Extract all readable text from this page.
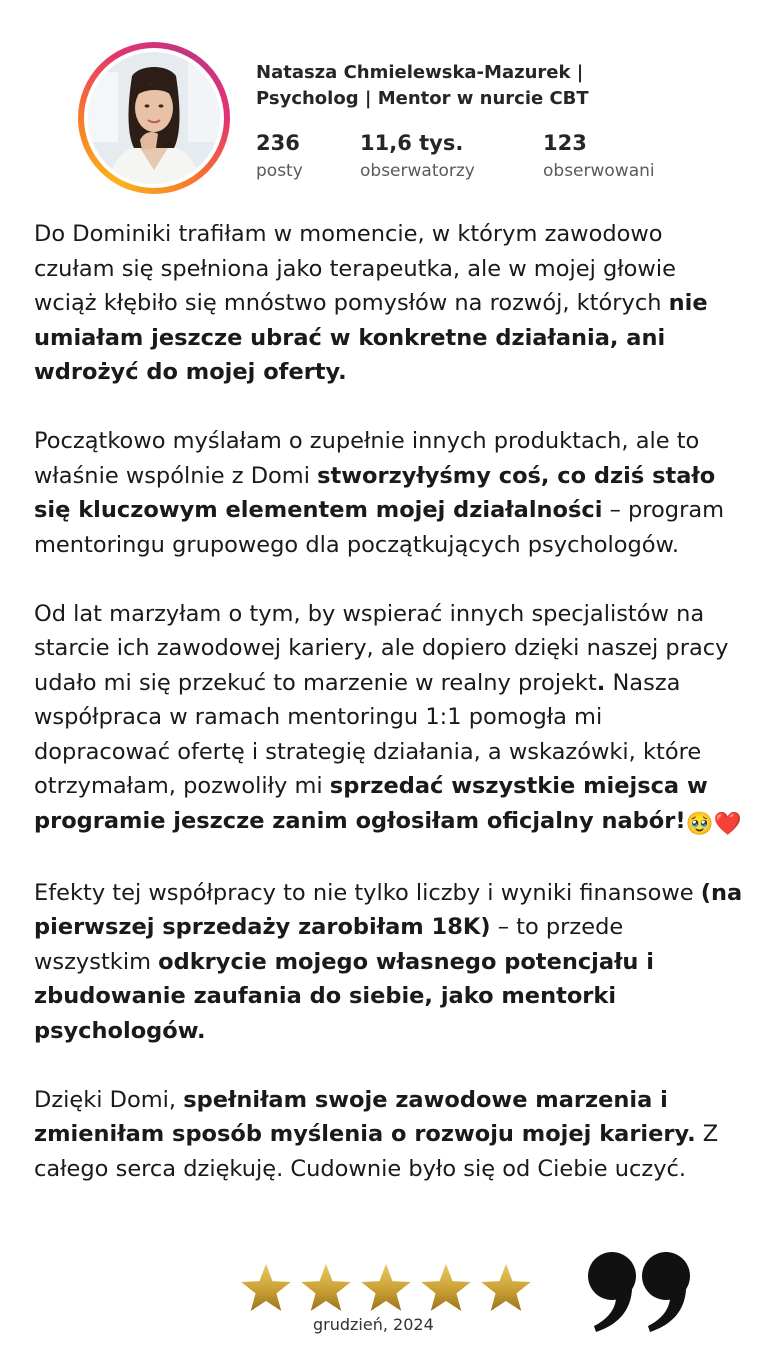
Natasza Chmielewska-Mazurek |
Psycholog | Mentor w nurcie CBT
236
posty
11,6 tys.
obserwatorzy
123
obserwowani

Do Dominiki trafiłam w momencie, w którym zawodowo czułam się spełniona jako terapeutka, ale w mojej głowie wciąż kłębiło się mnóstwo pomysłów na rozwój, których nie umiałam jeszcze ubrać w konkretne działania, ani wdrożyć do mojej oferty.

Początkowo myślałam o zupełnie innych produktach, ale to właśnie wspólnie z Domi stworzyłyśmy coś, co dziś stało się kluczowym elementem mojej działalności – program mentoringu grupowego dla początkujących psychologów.

Od lat marzyłam o tym, by wspierać innych specjalistów na starcie ich zawodowej kariery, ale dopiero dzięki naszej pracy udało mi się przekuć to marzenie w realny projekt. Nasza współpraca w ramach mentoringu 1:1 pomogła mi dopracować ofertę i strategię działania, a wskazówki, które otrzymałam, pozwoliły mi sprzedać wszystkie miejsca w programie jeszcze zanim ogłosiłam oficjalny nabór!🥹❤️

Efekty tej współpracy to nie tylko liczby i wyniki finansowe (na pierwszej sprzedaży zarobiłam 18K) – to przede wszystkim odkrycie mojego własnego potencjału i zbudowanie zaufania do siebie, jako mentorki psychologów.

Dzięki Domi, spełniłam swoje zawodowe marzenia i zmieniłam sposób myślenia o rozwoju mojej kariery. Z całego serca dziękuję. Cudownie było się od Ciebie uczyć.

grudzień, 2024
